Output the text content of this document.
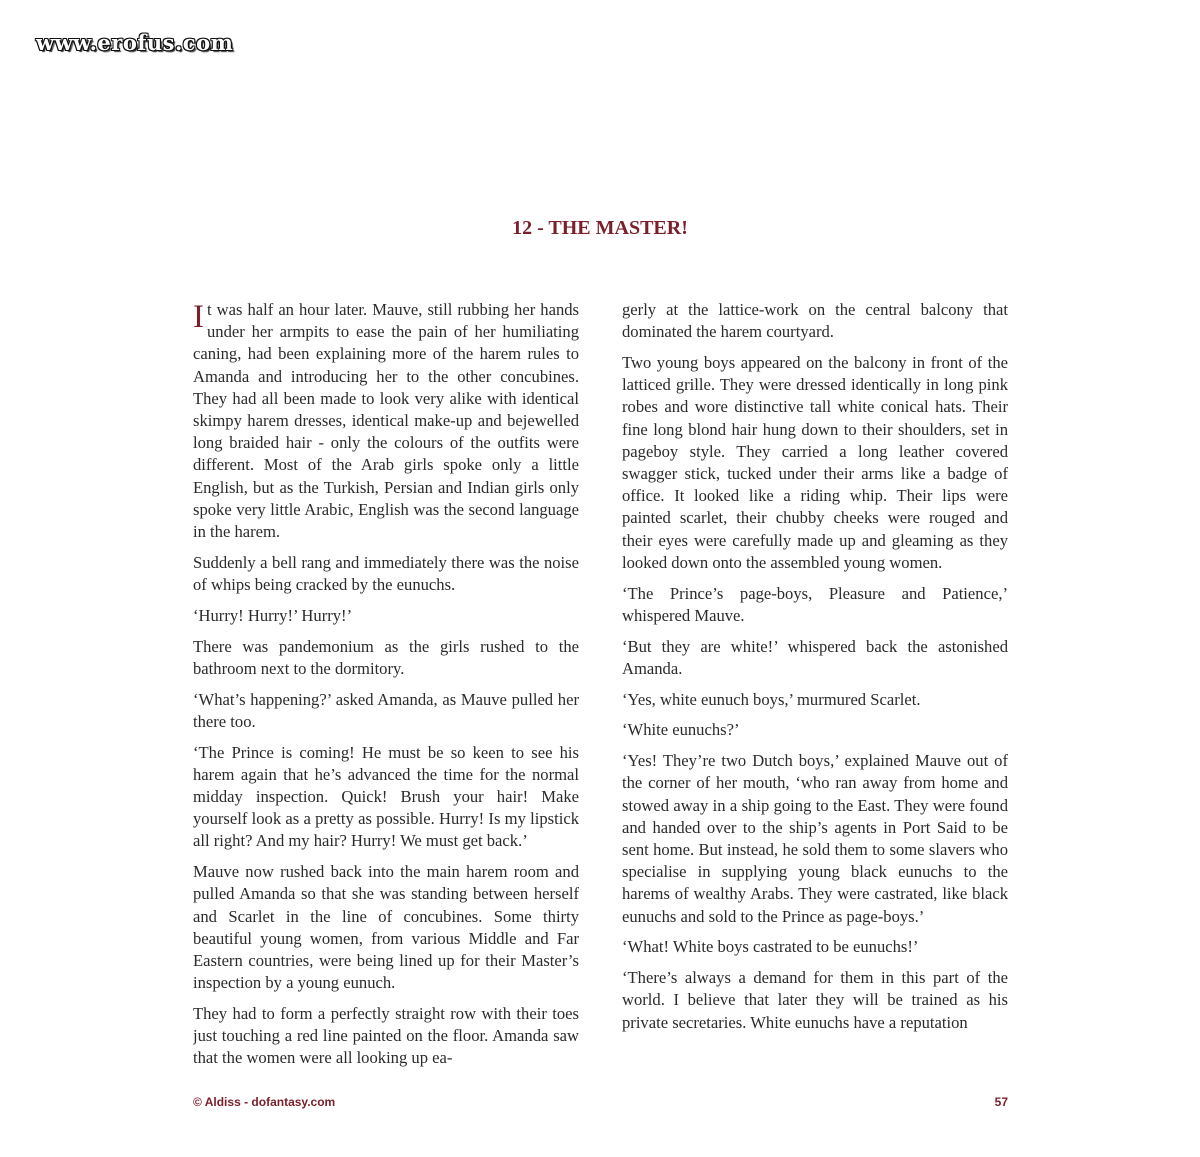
www.erofus.com
12 - THE MASTER!

It was half an hour later. Mauve, still rubbing her hands under her armpits to ease the pain of her humiliating caning, had been explaining more of the harem rules to Amanda and introducing her to the other concubines. They had all been made to look very alike with identical skimpy harem dresses, identical make-up and bejewelled long braided hair - only the colours of the outfits were different. Most of the Arab girls spoke only a little English, but as the Turkish, Persian and Indian girls only spoke very little Arabic, English was the second language in the harem.

Suddenly a bell rang and immediately there was the noise of whips being cracked by the eunuchs.

‘Hurry! Hurry!’ Hurry!’

There was pandemonium as the girls rushed to the bathroom next to the dormitory.

‘What’s happening?’ asked Amanda, as Mauve pulled her there too.

‘The Prince is coming! He must be so keen to see his harem again that he’s advanced the time for the normal midday inspection. Quick! Brush your hair! Make yourself look as a pretty as possible. Hurry! Is my lipstick all right? And my hair? Hurry! We must get back.’

Mauve now rushed back into the main harem room and pulled Amanda so that she was standing between herself and Scarlet in the line of concubines. Some thirty beautiful young women, from various Middle and Far Eastern countries, were being lined up for their Master’s inspection by a young eunuch.

They had to form a perfectly straight row with their toes just touching a red line painted on the floor. Amanda saw that the women were all looking up ea-

gerly at the lattice-work on the central balcony that dominated the harem courtyard.

Two young boys appeared on the balcony in front of the latticed grille. They were dressed identically in long pink robes and wore distinctive tall white conical hats. Their fine long blond hair hung down to their shoulders, set in pageboy style. They carried a long leather covered swagger stick, tucked under their arms like a badge of office. It looked like a riding whip. Their lips were painted scarlet, their chubby cheeks were rouged and their eyes were carefully made up and gleaming as they looked down onto the assembled young women.

‘The Prince’s page-boys, Pleasure and Patience,’ whispered Mauve.

‘But they are white!’ whispered back the astonished Amanda.

‘Yes, white eunuch boys,’ murmured Scarlet.

‘White eunuchs?’

‘Yes! They’re two Dutch boys,’ explained Mauve out of the corner of her mouth, ‘who ran away from home and stowed away in a ship going to the East. They were found and handed over to the ship’s agents in Port Said to be sent home. But instead, he sold them to some slavers who specialise in supplying young black eunuchs to the harems of wealthy Arabs. They were castrated, like black eunuchs and sold to the Prince as page-boys.’

‘What! White boys castrated to be eunuchs!’

‘There’s always a demand for them in this part of the world. I believe that later they will be trained as his private secretaries. White eunuchs have a reputation

© Aldiss - dofantasy.com	57
